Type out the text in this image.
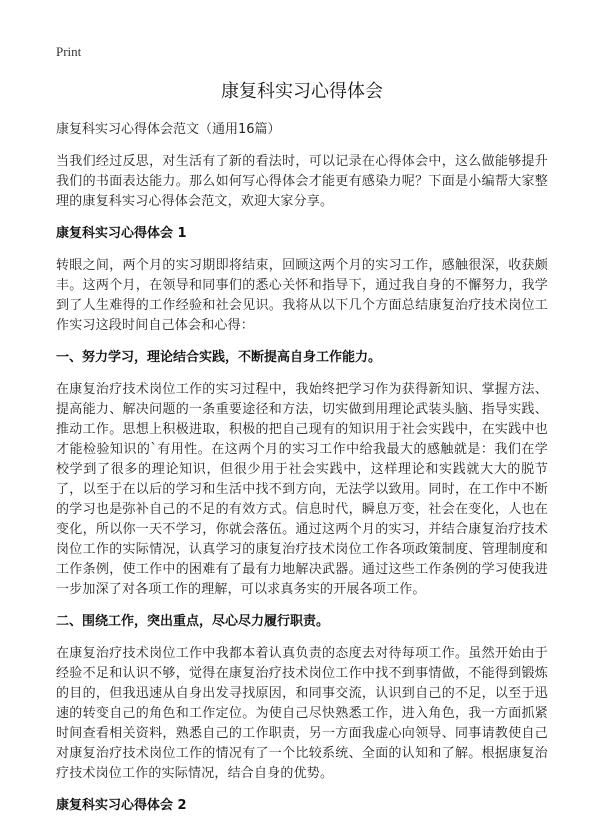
Print
康复科实习心得体会
康复科实习心得体会范文（通用16篇）

当我们经过反思，对生活有了新的看法时，可以记录在心得体会中，这么做能够提升我们的书面表达能力。那么如何写心得体会才能更有感染力呢？下面是小编帮大家整理的康复科实习心得体会范文，欢迎大家分享。

康复科实习心得体会 1

转眼之间，两个月的实习期即将结束，回顾这两个月的实习工作，感触很深，收获颇丰。这两个月，在领导和同事们的悉心关怀和指导下，通过我自身的不懈努力，我学到了人生难得的工作经验和社会见识。我将从以下几个方面总结康复治疗技术岗位工作实习这段时间自己体会和心得：

一、努力学习，理论结合实践，不断提高自身工作能力。

在康复治疗技术岗位工作的实习过程中，我始终把学习作为获得新知识、掌握方法、提高能力、解决问题的一条重要途径和方法，切实做到用理论武装头脑、指导实践、推动工作。思想上积极进取，积极的把自己现有的知识用于社会实践中，在实践中也才能检验知识的`有用性。在这两个月的实习工作中给我最大的感触就是：我们在学校学到了很多的理论知识，但很少用于社会实践中，这样理论和实践就大大的脱节了，以至于在以后的学习和生活中找不到方向，无法学以致用。同时，在工作中不断的学习也是弥补自己的不足的有效方式。信息时代，瞬息万变，社会在变化，人也在变化，所以你一天不学习，你就会落伍。通过这两个月的实习，并结合康复治疗技术岗位工作的实际情况，认真学习的康复治疗技术岗位工作各项政策制度、管理制度和工作条例，使工作中的困难有了最有力地解决武器。通过这些工作条例的学习使我进一步加深了对各项工作的理解，可以求真务实的开展各项工作。

二、围绕工作，突出重点，尽心尽力履行职责。

在康复治疗技术岗位工作中我都本着认真负责的态度去对待每项工作。虽然开始由于经验不足和认识不够，觉得在康复治疗技术岗位工作中找不到事情做，不能得到锻炼的目的，但我迅速从自身出发寻找原因，和同事交流，认识到自己的不足，以至于迅速的转变自己的角色和工作定位。为使自己尽快熟悉工作，进入角色，我一方面抓紧时间查看相关资料，熟悉自己的工作职责，另一方面我虚心向领导、同事请教使自己对康复治疗技术岗位工作的情况有了一个比较系统、全面的认知和了解。根据康复治疗技术岗位工作的实际情况，结合自身的优势。

康复科实习心得体会 2
